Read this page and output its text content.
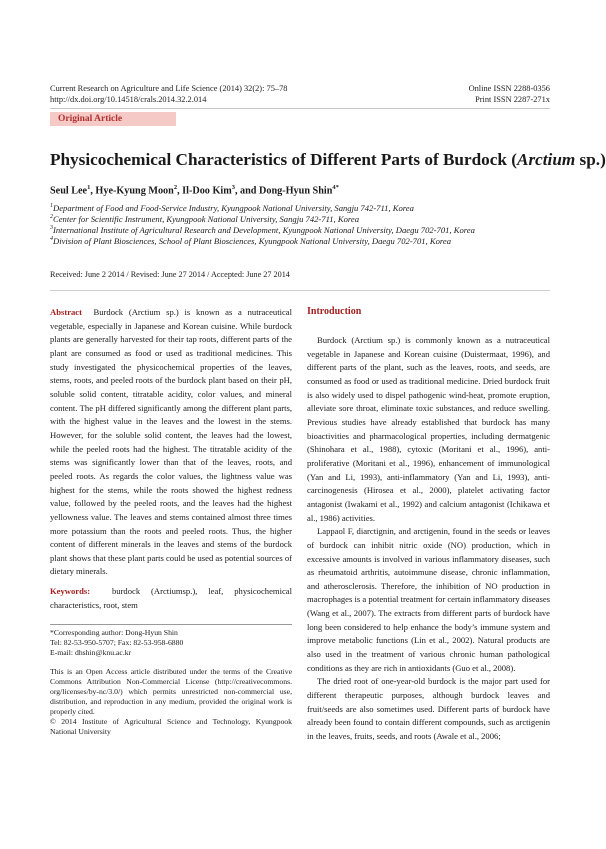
Current Research on Agriculture and Life Science (2014) 32(2): 75–78
http://dx.doi.org/10.14518/crals.2014.32.2.014
Online ISSN 2288-0356
Print ISSN 2287-271x
Original Article
Physicochemical Characteristics of Different Parts of Burdock (Arctium sp.)
Seul Lee$^1$, Hye-Kyung Moon$^2$, Il-Doo Kim$^3$, and Dong-Hyun Shin$^{4*}$
$^1$Department of Food and Food-Service Industry, Kyungpook National University, Sangju 742-711, Korea
$^2$Center for Scientific Instrument, Kyungpook National University, Sangju 742-711, Korea
$^3$International Institute of Agricultural Research and Development, Kyungpook National University, Daegu 702-701, Korea
$^4$Division of Plant Biosciences, School of Plant Biosciences, Kyungpook National University, Daegu 702-701, Korea
Received: June 2 2014 / Revised: June 27 2014 / Accepted: June 27 2014
Abstract Burdock (Arctium sp.) is known as a nutraceutical vegetable, especially in Japanese and Korean cuisine. While burdock plants are generally harvested for their tap roots, different parts of the plant are consumed as food or used as traditional medicines. This study investigated the physicochemical properties of the leaves, stems, roots, and peeled roots of the burdock plant based on their pH, soluble solid content, titratable acidity, color values, and mineral content. The pH differed significantly among the different plant parts, with the highest value in the leaves and the lowest in the stems. However, for the soluble solid content, the leaves had the lowest, while the peeled roots had the highest. The titratable acidity of the stems was significantly lower than that of the leaves, roots, and peeled roots. As regards the color values, the lightness value was highest for the stems, while the roots showed the highest redness value, followed by the peeled roots, and the leaves had the highest yellowness value. The leaves and stems contained almost three times more potassium than the roots and peeled roots. Thus, the higher content of different minerals in the leaves and stems of the burdock plant shows that these plant parts could be used as potential sources of dietary minerals.
Keywords:	burdock (Arctiumsp.), leaf, physicochemical characteristics, root, stem
*Corresponding author: Dong-Hyun Shin
Tel: 82-53-950-5707; Fax: 82-53-958-6880
E-mail: dhshin@knu.ac.kr
This is an Open Access article distributed under the terms of the Creative Commons Attribution Non-Commercial License (http://creativecommons. org/licenses/by-nc/3.0/) which permits unrestricted non-commercial use, distribution, and reproduction in any medium, provided the original work is properly cited.
© 2014 Institute of Agricultural Science and Technology, Kyungpook National University
Introduction

Burdock (Arctium sp.) is commonly known as a nutraceutical vegetable in Japanese and Korean cuisine (Duistermaat, 1996), and different parts of the plant, such as the leaves, roots, and seeds, are consumed as food or used as traditional medicine. Dried burdock fruit is also widely used to dispel pathogenic wind-heat, promote eruption, alleviate sore throat, eliminate toxic substances, and reduce swelling. Previous studies have already established that burdock has many bioactivities and pharmacological properties, including dermatgenic (Shinohara et al., 1988), cytoxic (Moritani et al., 1996), anti-proliferative (Moritani et al., 1996), enhancement of immunological (Yan and Li, 1993), anti-inflammatory (Yan and Li, 1993), anti-carcinogenesis (Hirosea et al., 2000), platelet activating factor antagonist (Iwakami et al., 1992) and calcium antagonist (Ichikawa et al., 1986) activities.

Lappaol F, diarctignin, and arctigenin, found in the seeds or leaves of burdock can inhibit nitric oxide (NO) production, which in excessive amounts is involved in various inflammatory diseases, such as rheumatoid arthritis, autoimmune disease, chronic inflammation, and atherosclerosis. Therefore, the inhibition of NO production in macrophages is a potential treatment for certain inflammatory diseases (Wang et al., 2007). The extracts from different parts of burdock have long been considered to help enhance the body’s immune system and improve metabolic functions (Lin et al., 2002). Natural products are also used in the treatment of various chronic human pathological conditions as they are rich in antioxidants (Guo et al., 2008).

The dried root of one-year-old burdock is the major part used for different therapeutic purposes, although burdock leaves and fruit/seeds are also sometimes used. Different parts of burdock have already been found to contain different compounds, such as arctigenin in the leaves, fruits, seeds, and roots (Awale et al., 2006;
